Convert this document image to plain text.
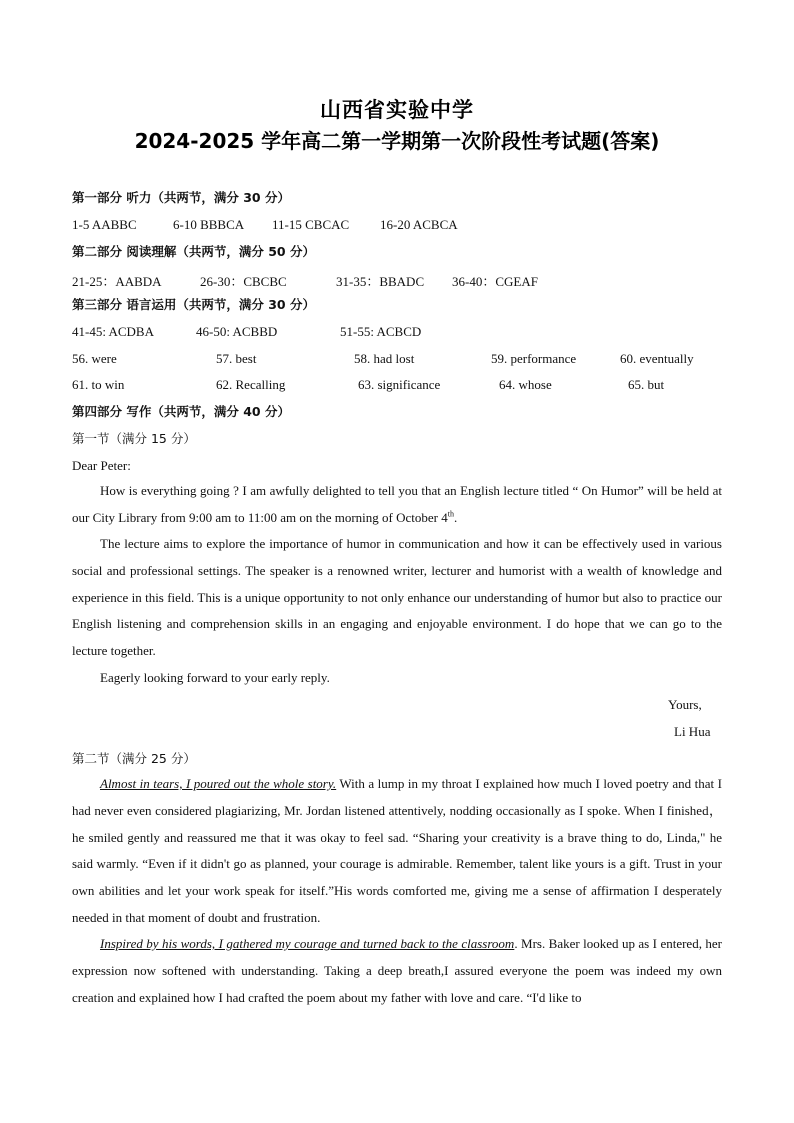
山西省实验中学
2024-2025 学年高二第一学期第一次阶段性考试题(答案)
第一部分 听力（共两节，满分 30 分）
1-5 AABBC	6-10 BBBCA 11-15 CBCAC 16-20 ACBCA
第二部分 阅读理解（共两节，满分 50 分）
21-25：AABDA	26-30：CBCBC	31-35：BBADC 36-40：CGEAF
第三部分 语言运用（共两节，满分 30 分）
41-45: ACDBA	46-50: ACBBD	51-55: ACBCD
56. were	57. best	58. had lost	59. performance	60. eventually
61. to win	62. Recalling	63. significance	64. whose	65. but
第四部分 写作（共两节，满分 40 分）
第一节（满分 15 分）
Dear Peter:
How is everything going ? I am awfully delighted to tell you that an English lecture titled “ On Humor” will be held at our City Library from 9:00 am to 11:00 am on the morning of October 4th.
The lecture aims to explore the importance of humor in communication and how it can be effectively used in various social and professional settings. The speaker is a renowned writer, lecturer and humorist with a wealth of knowledge and experience in this field. This is a unique opportunity to not only enhance our understanding of humor but also to practice our English listening and comprehension skills in an engaging and enjoyable environment. I do hope that we can go to the lecture together.
Eagerly looking forward to your early reply.
Yours,
Li Hua
第二节（满分 25 分）
Almost in tears, I poured out the whole story. With a lump in my throat I explained how much I loved poetry and that I had never even considered plagiarizing, Mr. Jordan listened attentively, nodding occasionally as I spoke. When I finished， he smiled gently and reassured me that it was okay to feel sad. “Sharing your creativity is a brave thing to do, Linda," he said warmly. “Even if it didn't go as planned, your courage is admirable. Remember, talent like yours is a gift. Trust in your own abilities and let your work speak for itself.”His words comforted me, giving me a sense of affirmation I desperately needed in that moment of doubt and frustration.
Inspired by his words, I gathered my courage and turned back to the classroom. Mrs. Baker looked up as I entered, her expression now softened with understanding. Taking a deep breath,I assured everyone the poem was indeed my own creation and explained how I had crafted the poem about my father with love and care. “I'd like to
